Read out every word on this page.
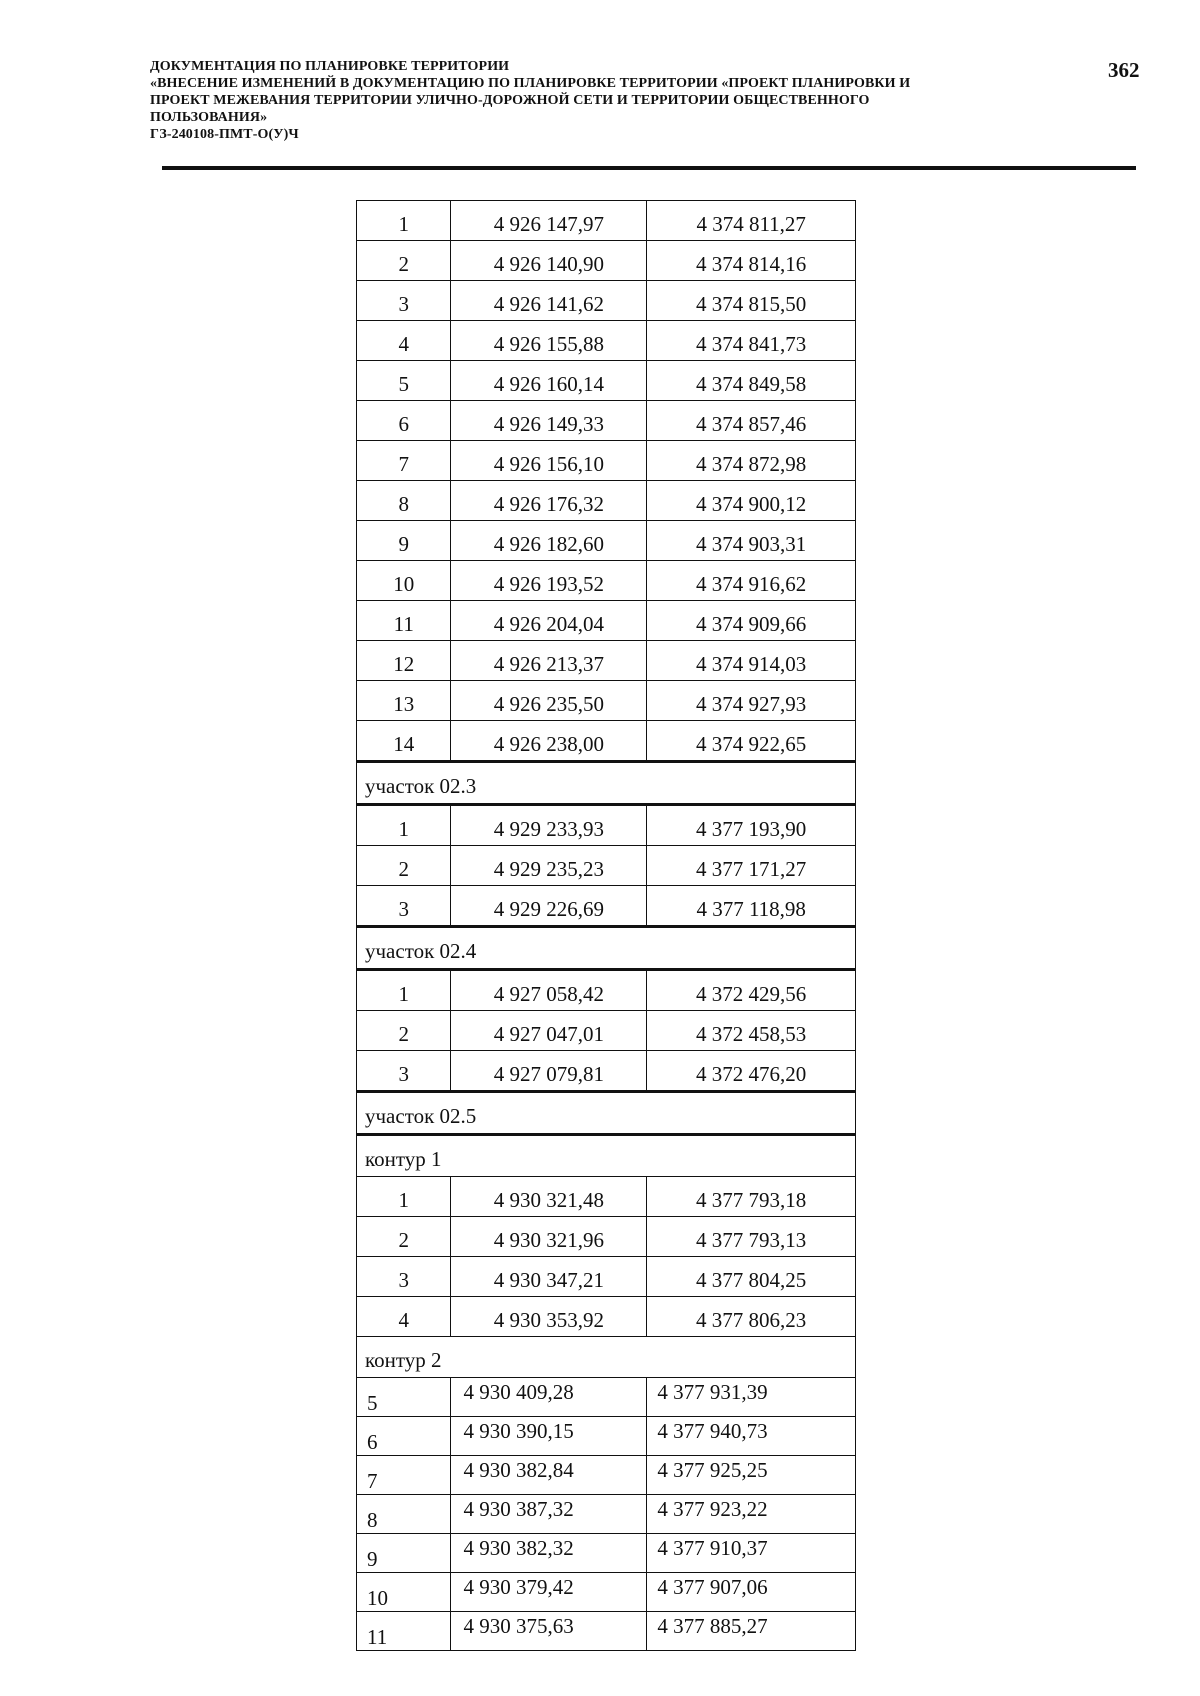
ДОКУМЕНТАЦИЯ ПО ПЛАНИРОВКЕ ТЕРРИТОРИИ
«ВНЕСЕНИЕ ИЗМЕНЕНИЙ В ДОКУМЕНТАЦИЮ ПО ПЛАНИРОВКЕ ТЕРРИТОРИИ «ПРОЕКТ ПЛАНИРОВКИ И
ПРОЕКТ МЕЖЕВАНИЯ ТЕРРИТОРИИ УЛИЧНО-ДОРОЖНОЙ СЕТИ И ТЕРРИТОРИИ ОБЩЕСТВЕННОГО
ПОЛЬЗОВАНИЯ»
ГЗ-240108-ПМТ-О(У)Ч
362
1	4 926 147,97	4 374 811,27
2	4 926 140,90	4 374 814,16
3	4 926 141,62	4 374 815,50
4	4 926 155,88	4 374 841,73
5	4 926 160,14	4 374 849,58
6	4 926 149,33	4 374 857,46
7	4 926 156,10	4 374 872,98
8	4 926 176,32	4 374 900,12
9	4 926 182,60	4 374 903,31
10	4 926 193,52	4 374 916,62
11	4 926 204,04	4 374 909,66
12	4 926 213,37	4 374 914,03
13	4 926 235,50	4 374 927,93
14	4 926 238,00	4 374 922,65
участок 02.3		
1	4 929 233,93	4 377 193,90
2	4 929 235,23	4 377 171,27
3	4 929 226,69	4 377 118,98
участок 02.4		
1	4 927 058,42	4 372 429,56
2	4 927 047,01	4 372 458,53
3	4 927 079,81	4 372 476,20
участок 02.5		
контур 1		
1	4 930 321,48	4 377 793,18
2	4 930 321,96	4 377 793,13
3	4 930 347,21	4 377 804,25
4	4 930 353,92	4 377 806,23
контур 2		
5	4 930 409,28	4 377 931,39
6	4 930 390,15	4 377 940,73
7	4 930 382,84	4 377 925,25
8	4 930 387,32	4 377 923,22
9	4 930 382,32	4 377 910,37
10	4 930 379,42	4 377 907,06
11	4 930 375,63	4 377 885,27
